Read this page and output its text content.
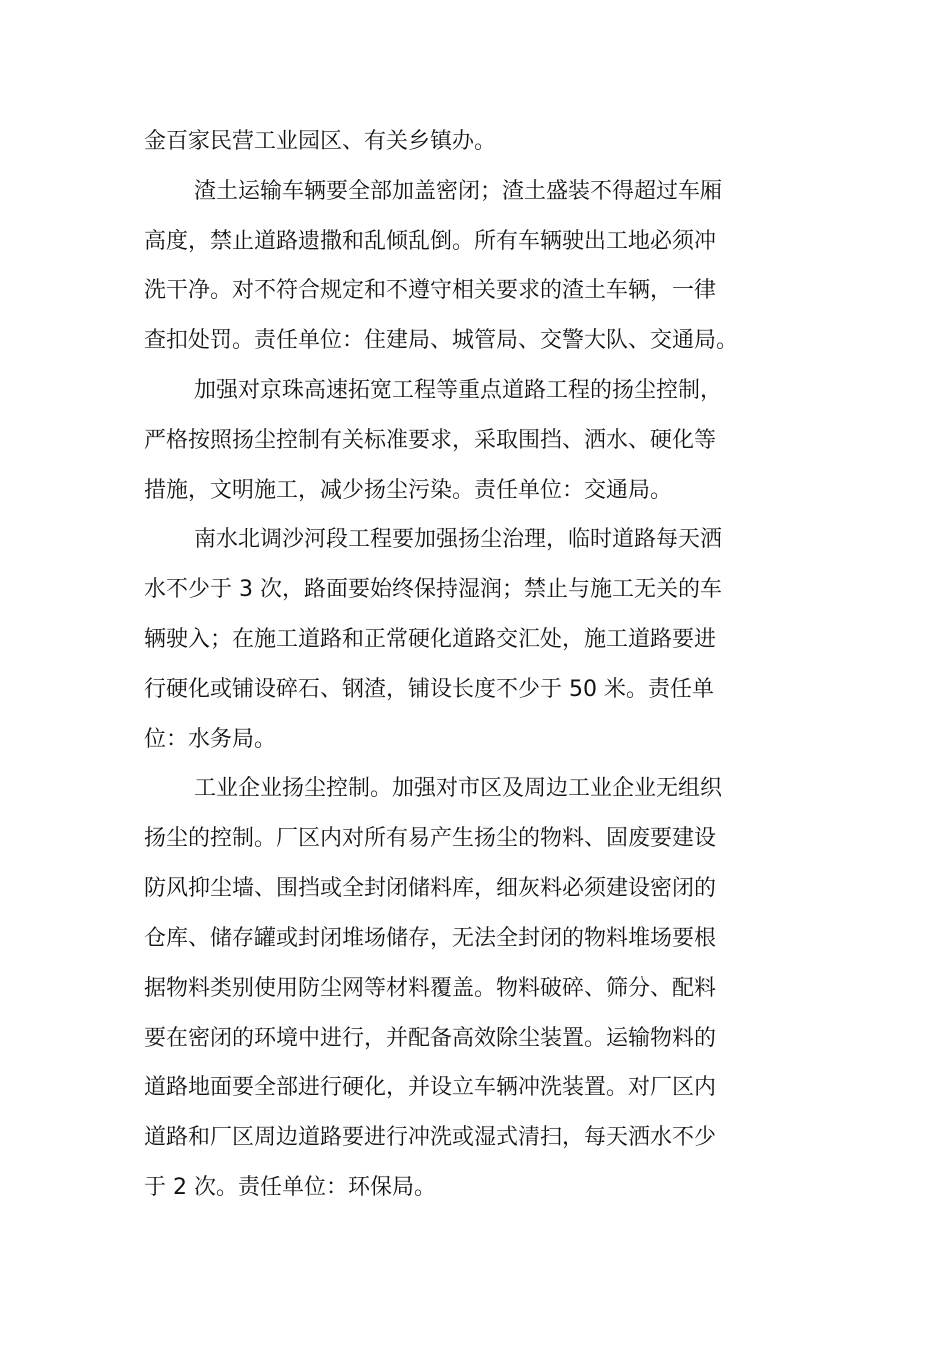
金百家民营工业园区、有关乡镇办。
渣土运输车辆要全部加盖密闭；渣土盛装不得超过车厢
高度，禁止道路遗撒和乱倾乱倒。所有车辆驶出工地必须冲
洗干净。对不符合规定和不遵守相关要求的渣土车辆，一律
查扣处罚。责任单位：住建局、城管局、交警大队、交通局。
加强对京珠高速拓宽工程等重点道路工程的扬尘控制，
严格按照扬尘控制有关标准要求，采取围挡、洒水、硬化等
措施，文明施工，减少扬尘污染。责任单位：交通局。
南水北调沙河段工程要加强扬尘治理，临时道路每天洒
水不少于 3 次，路面要始终保持湿润；禁止与施工无关的车
辆驶入；在施工道路和正常硬化道路交汇处，施工道路要进
行硬化或铺设碎石、钢渣，铺设长度不少于 50 米。责任单
位：水务局。
工业企业扬尘控制。加强对市区及周边工业企业无组织
扬尘的控制。厂区内对所有易产生扬尘的物料、固废要建设
防风抑尘墙、围挡或全封闭储料库，细灰料必须建设密闭的
仓库、储存罐或封闭堆场储存，无法全封闭的物料堆场要根
据物料类别使用防尘网等材料覆盖。物料破碎、筛分、配料
要在密闭的环境中进行，并配备高效除尘装置。运输物料的
道路地面要全部进行硬化，并设立车辆冲洗装置。对厂区内
道路和厂区周边道路要进行冲洗或湿式清扫，每天洒水不少
于 2 次。责任单位：环保局。
